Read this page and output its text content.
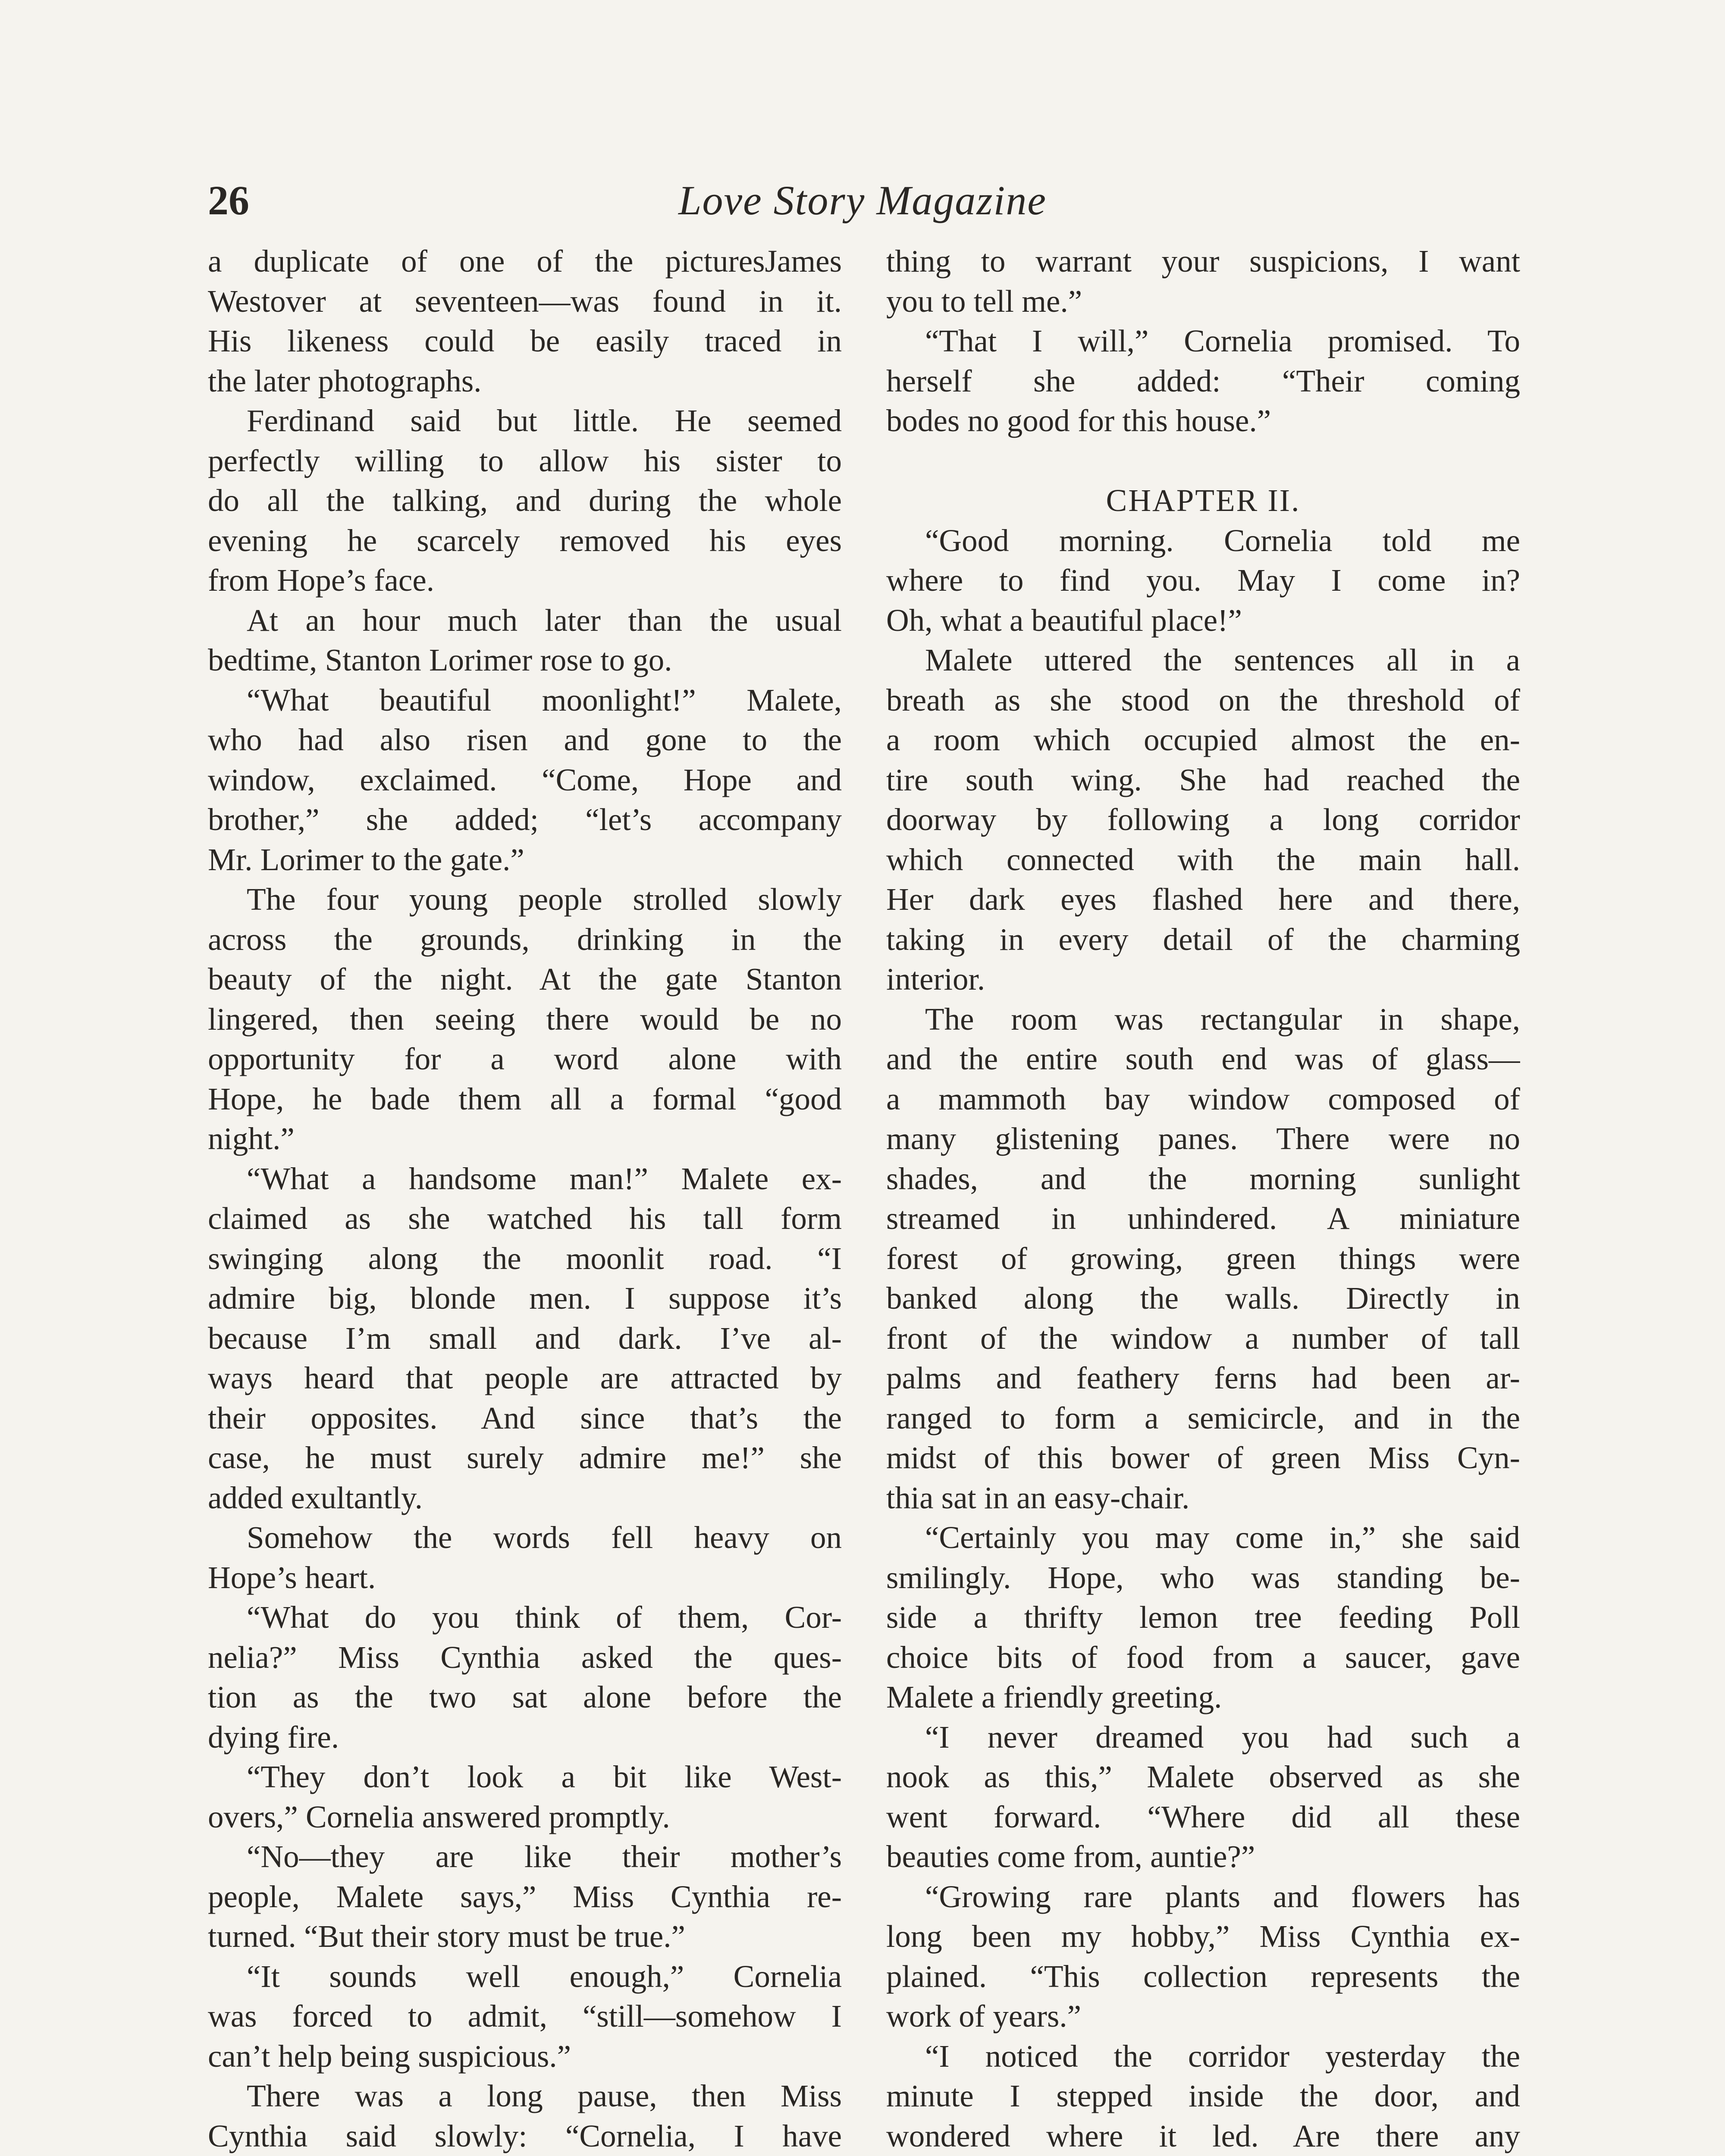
26	Love Story Magazine
a duplicate of one of the picturesJames
Westover at seventeen—was found in it.
His likeness could be easily traced in
the later photographs.
Ferdinand said but little. He seemed
perfectly willing to allow his sister to
do all the talking, and during the whole
evening he scarcely removed his eyes
from Hope’s face.
At an hour much later than the usual
bedtime, Stanton Lorimer rose to go.
“What beautiful moonlight!” Malete,
who had also risen and gone to the
window, exclaimed. “Come, Hope and
brother,” she added; “let’s accompany
Mr. Lorimer to the gate.”
The four young people strolled slowly
across the grounds, drinking in the
beauty of the night. At the gate Stanton
lingered, then seeing there would be no
opportunity for a word alone with
Hope, he bade them all a formal “good
night.”
“What a handsome man!” Malete ex-
claimed as she watched his tall form
swinging along the moonlit road. “I
admire big, blonde men. I suppose it’s
because I’m small and dark. I’ve al-
ways heard that people are attracted by
their opposites. And since that’s the
case, he must surely admire me!” she
added exultantly.
Somehow the words fell heavy on
Hope’s heart.
“What do you think of them, Cor-
nelia?” Miss Cynthia asked the ques-
tion as the two sat alone before the
dying fire.
“They don’t look a bit like West-
overs,” Cornelia answered promptly.
“No—they are like their mother’s
people, Malete says,” Miss Cynthia re-
turned. “But their story must be true.”
“It sounds well enough,” Cornelia
was forced to admit, “still—somehow I
can’t help being suspicious.”
There was a long pause, then Miss
Cynthia said slowly: “Cornelia, I have
thing to warrant your suspicions, I want
you to tell me.”
“That I will,” Cornelia promised. To
herself she added: “Their coming
bodes no good for this house.”
CHAPTER II.
“Good morning. Cornelia told me
where to find you. May I come in?
Oh, what a beautiful place!”
Malete uttered the sentences all in a
breath as she stood on the threshold of
a room which occupied almost the en-
tire south wing. She had reached the
doorway by following a long corridor
which connected with the main hall.
Her dark eyes flashed here and there,
taking in every detail of the charming
interior.
The room was rectangular in shape,
and the entire south end was of glass—
a mammoth bay window composed of
many glistening panes. There were no
shades, and the morning sunlight
streamed in unhindered. A miniature
forest of growing, green things were
banked along the walls. Directly in
front of the window a number of tall
palms and feathery ferns had been ar-
ranged to form a semicircle, and in the
midst of this bower of green Miss Cyn-
thia sat in an easy-chair.
“Certainly you may come in,” she said
smilingly. Hope, who was standing be-
side a thrifty lemon tree feeding Poll
choice bits of food from a saucer, gave
Malete a friendly greeting.
“I never dreamed you had such a
nook as this,” Malete observed as she
went forward. “Where did all these
beauties come from, auntie?”
“Growing rare plants and flowers has
long been my hobby,” Miss Cynthia ex-
plained. “This collection represents the
work of years.”
“I noticed the corridor yesterday the
minute I stepped inside the door, and
wondered where it led. Are there any
